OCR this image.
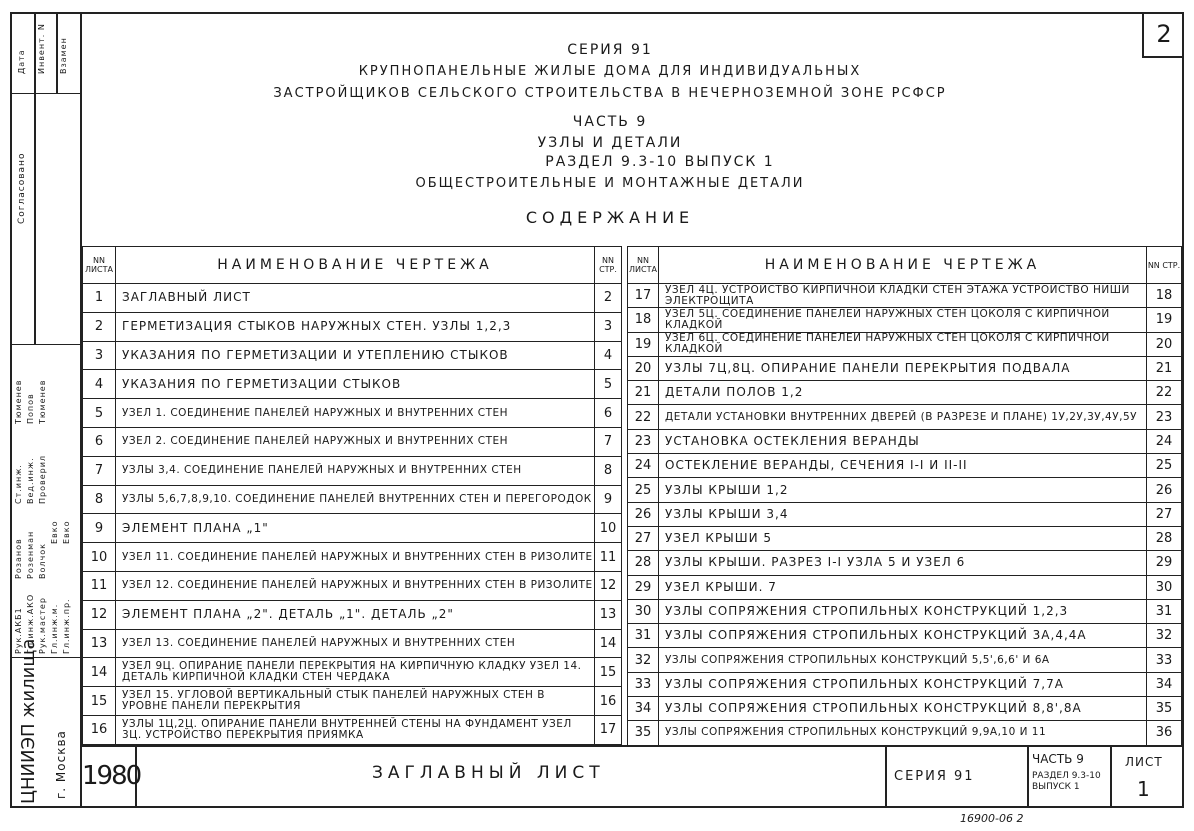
Дата Инвент. N Взамен
Согласовано
Тюменев Попов Тюменев
Ст.инж. Вед.инж. Проверил
Розанов Розенман Волчок
Евко Евко
Рук.АКБ1 Гл.инж.АКО Рук.мастер Гл.инж.м. Гл.инж.пр.
ЦНИИЭП жилища г. Москва
2
СЕРИЯ 91
КРУПНОПАНЕЛЬНЫЕ ЖИЛЫЕ ДОМА ДЛЯ ИНДИВИДУАЛЬНЫХ
ЗАСТРОЙЩИКОВ СЕЛЬСКОГО СТРОИТЕЛЬСТВА В НЕЧЕРНОЗЕМНОЙ ЗОНЕ РСФСР
ЧАСТЬ 9
УЗЛЫ И ДЕТАЛИ
РАЗДЕЛ 9.3-10 ВЫПУСК 1
ОБЩЕСТРОИТЕЛЬНЫЕ И МОНТАЖНЫЕ ДЕТАЛИ
СОДЕРЖАНИЕ
NN ЛИСТА	НАИМЕНОВАНИЕ ЧЕРТЕЖА	NN СТР.
1	ЗАГЛАВНЫЙ ЛИСТ	2
2	ГЕРМЕТИЗАЦИЯ СТЫКОВ НАРУЖНЫХ СТЕН. УЗЛЫ 1,2,3	3
3	УКАЗАНИЯ ПО ГЕРМЕТИЗАЦИИ И УТЕПЛЕНИЮ СТЫКОВ	4
4	УКАЗАНИЯ ПО ГЕРМЕТИЗАЦИИ СТЫКОВ	5
5	УЗЕЛ 1. СОЕДИНЕНИЕ ПАНЕЛЕЙ НАРУЖНЫХ И ВНУТРЕННИХ СТЕН	6
6	УЗЕЛ 2. СОЕДИНЕНИЕ ПАНЕЛЕЙ НАРУЖНЫХ И ВНУТРЕННИХ СТЕН	7
7	УЗЛЫ 3,4. СОЕДИНЕНИЕ ПАНЕЛЕЙ НАРУЖНЫХ И ВНУТРЕННИХ СТЕН	8
8	УЗЛЫ 5,6,7,8,9,10. СОЕДИНЕНИЕ ПАНЕЛЕЙ ВНУТРЕННИХ СТЕН И ПЕРЕГОРОДОК	9
9	ЭЛЕМЕНТ ПЛАНА „1"	10
10	УЗЕЛ 11. СОЕДИНЕНИЕ ПАНЕЛЕЙ НАРУЖНЫХ И ВНУТРЕННИХ СТЕН В РИЗОЛИТЕ	11
11	УЗЕЛ 12. СОЕДИНЕНИЕ ПАНЕЛЕЙ НАРУЖНЫХ И ВНУТРЕННИХ СТЕН В РИЗОЛИТЕ	12
12	ЭЛЕМЕНТ ПЛАНА „2". ДЕТАЛЬ „1". ДЕТАЛЬ „2"	13
13	УЗЕЛ 13. СОЕДИНЕНИЕ ПАНЕЛЕЙ НАРУЖНЫХ И ВНУТРЕННИХ СТЕН	14
14	УЗЕЛ 9Ц. ОПИРАНИЕ ПАНЕЛИ ПЕРЕКРЫТИЯ НА КИРПИЧНУЮ КЛАДКУ УЗЕЛ 14. ДЕТАЛЬ КИРПИЧНОЙ КЛАДКИ СТЕН ЧЕРДАКА	15
15	УЗЕЛ 15. УГЛОВОЙ ВЕРТИКАЛЬНЫЙ СТЫК ПАНЕЛЕЙ НАРУЖНЫХ СТЕН В УРОВНЕ ПАНЕЛИ ПЕРЕКРЫТИЯ	16
16	УЗЛЫ 1Ц,2Ц. ОПИРАНИЕ ПАНЕЛИ ВНУТРЕННЕЙ СТЕНЫ НА ФУНДАМЕНТ УЗЕЛ 3Ц. УСТРОЙСТВО ПЕРЕКРЫТИЯ ПРИЯМКА	17
NN ЛИСТА	НАИМЕНОВАНИЕ ЧЕРТЕЖА	NN СТР.
17	УЗЕЛ 4Ц. УСТРОЙСТВО КИРПИЧНОЙ КЛАДКИ СТЕН ЭТАЖА УСТРОЙСТВО НИШИ ЭЛЕКТРОЩИТА	18
18	УЗЕЛ 5Ц. СОЕДИНЕНИЕ ПАНЕЛЕЙ НАРУЖНЫХ СТЕН ЦОКОЛЯ С КИРПИЧНОЙ КЛАДКОЙ	19
19	УЗЕЛ 6Ц. СОЕДИНЕНИЕ ПАНЕЛЕЙ НАРУЖНЫХ СТЕН ЦОКОЛЯ С КИРПИЧНОЙ КЛАДКОЙ	20
20	УЗЛЫ 7Ц,8Ц. ОПИРАНИЕ ПАНЕЛИ ПЕРЕКРЫТИЯ ПОДВАЛА	21
21	ДЕТАЛИ ПОЛОВ 1,2	22
22	ДЕТАЛИ УСТАНОВКИ ВНУТРЕННИХ ДВЕРЕЙ (В РАЗРЕЗЕ И ПЛАНЕ) 1У,2У,3У,4У,5У	23
23	УСТАНОВКА ОСТЕКЛЕНИЯ ВЕРАНДЫ	24
24	ОСТЕКЛЕНИЕ ВЕРАНДЫ, СЕЧЕНИЯ I-I И II-II	25
25	УЗЛЫ КРЫШИ 1,2	26
26	УЗЛЫ КРЫШИ 3,4	27
27	УЗЕЛ КРЫШИ 5	28
28	УЗЛЫ КРЫШИ. РАЗРЕЗ I-I УЗЛА 5 И УЗЕЛ 6	29
29	УЗЕЛ КРЫШИ. 7	30
30	УЗЛЫ СОПРЯЖЕНИЯ СТРОПИЛЬНЫХ КОНСТРУКЦИЙ 1,2,3	31
31	УЗЛЫ СОПРЯЖЕНИЯ СТРОПИЛЬНЫХ КОНСТРУКЦИЙ 3А,4,4А	32
32	УЗЛЫ СОПРЯЖЕНИЯ СТРОПИЛЬНЫХ КОНСТРУКЦИЙ 5,5',6,6' И 6А	33
33	УЗЛЫ СОПРЯЖЕНИЯ СТРОПИЛЬНЫХ КОНСТРУКЦИЙ 7,7А	34
34	УЗЛЫ СОПРЯЖЕНИЯ СТРОПИЛЬНЫХ КОНСТРУКЦИЙ 8,8',8А	35
35	УЗЛЫ СОПРЯЖЕНИЯ СТРОПИЛЬНЫХ КОНСТРУКЦИЙ 9,9А,10 И 11	36
1980	ЗАГЛАВНЫЙ ЛИСТ	СЕРИЯ 91
ЧАСТЬ 9
РАЗДЕЛ 9.3-10 ВЫПУСК 1
ЛИСТ
1
16900-06 2
